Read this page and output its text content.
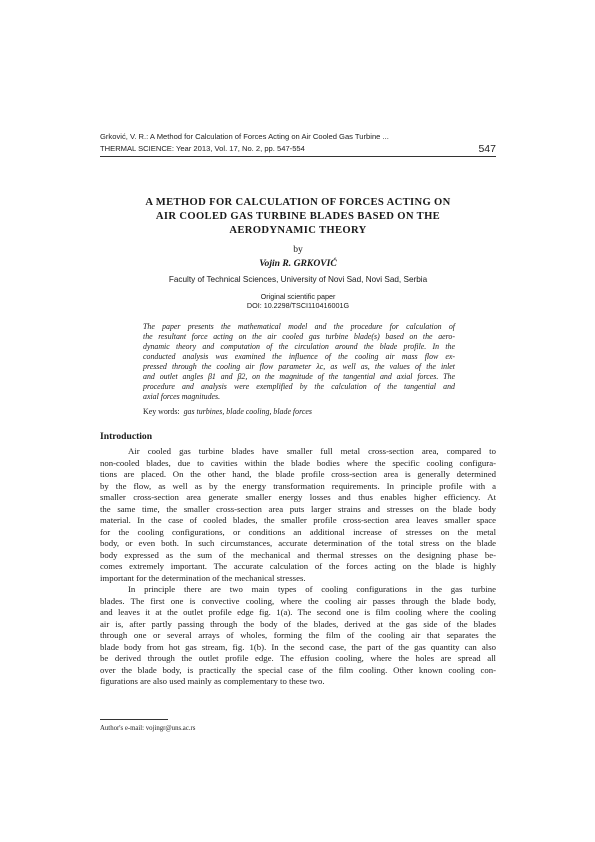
Grković, V. R.: A Method for Calculation of Forces Acting on Air Cooled Gas Turbine ...
THERMAL SCIENCE: Year 2013, Vol. 17, No. 2, pp. 547-554	547
A METHOD FOR CALCULATION OF FORCES ACTING ON
AIR COOLED GAS TURBINE BLADES BASED ON THE
AERODYNAMIC THEORY
by
Vojin R. GRKOVIĆ
Faculty of Technical Sciences, University of Novi Sad, Novi Sad, Serbia
Original scientific paper
DOI: 10.2298/TSCI110416001G
The paper presents the mathematical model and the procedure for calculation of
the resultant force acting on the air cooled gas turbine blade(s) based on the aero-
dynamic theory and computation of the circulation around the blade profile. In the
conducted analysis was examined the influence of the cooling air mass flow ex-
pressed through the cooling air flow parameter λc, as well as, the values of the inlet
and outlet angles β1 and β2, on the magnitude of the tangential and axial forces. The
procedure and analysis were exemplified by the calculation of the tangential and
axial forces magnitudes.
Key words: gas turbines, blade cooling, blade forces
Introduction
Air cooled gas turbine blades have smaller full metal cross-section area, compared to
non-cooled blades, due to cavities within the blade bodies where the specific cooling configura-
tions are placed. On the other hand, the blade profile cross-section area is generally determined
by the flow, as well as by the energy transformation requirements. In principle profile with a
smaller cross-section area generate smaller energy losses and thus enables higher efficiency. At
the same time, the smaller cross-section area puts larger strains and stresses on the blade body
material. In the case of cooled blades, the smaller profile cross-section area leaves smaller space
for the cooling configurations, or conditions an additional increase of stresses on the metal
body, or even both. In such circumstances, accurate determination of the total stress on the blade
body expressed as the sum of the mechanical and thermal stresses on the designing phase be-
comes extremely important. The accurate calculation of the forces acting on the blade is highly
important for the determination of the mechanical stresses.
In principle there are two main types of cooling configurations in the gas turbine
blades. The first one is convective cooling, where the cooling air passes through the blade body,
and leaves it at the outlet profile edge fig. 1(a). The second one is film cooling where the cooling
air is, after partly passing through the body of the blades, derived at the gas side of the blades
through one or several arrays of wholes, forming the film of the cooling air that separates the
blade body from hot gas stream, fig. 1(b). In the second case, the part of the gas quantity can also
be derived through the outlet profile edge. The effusion cooling, where the holes are spread all
over the blade body, is practically the special case of the film cooling. Other known cooling con-
figurations are also used mainly as complementary to these two.
Author's e-mail: vojingr@uns.ac.rs
